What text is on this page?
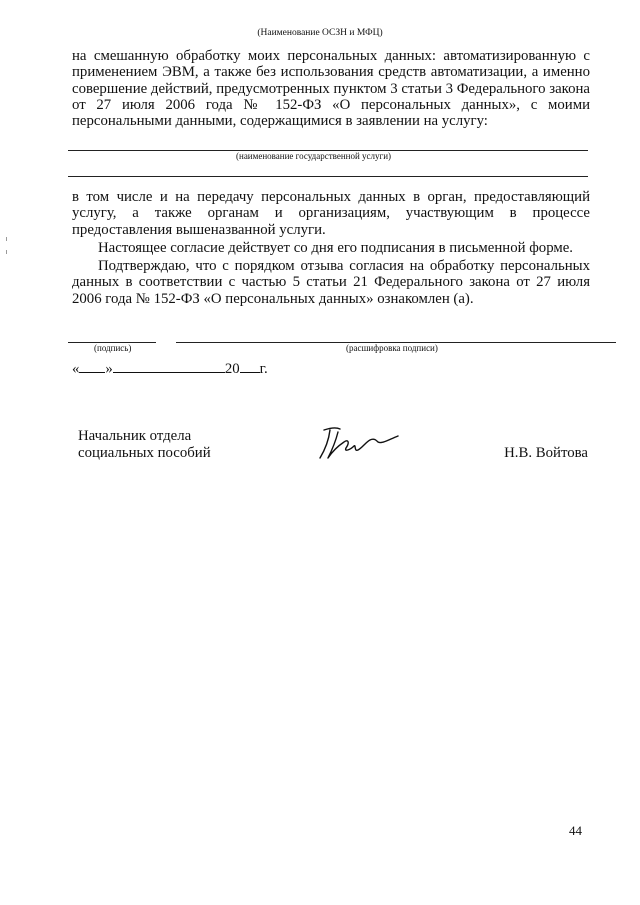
(Наименование ОСЗН и МФЦ)

на смешанную обработку моих персональных данных: автоматизированную с применением ЭВМ, а также без использования средств автоматизации, а именно совершение действий, предусмотренных пунктом 3 статьи 3 Федерального закона от 27 июля 2006 года № 152-ФЗ «О персональных данных», с моими персональными данными, содержащимися в заявлении на услугу:

(наименование государственной услуги)

в том числе и на передачу персональных данных в орган, предоставляющий услугу, а также органам и организациям, участвующим в процессе предоставления вышеназванной услуги.

Настоящее согласие действует со дня его подписания в письменной форме.

Подтверждаю, что с порядком отзыва согласия на обработку персональных данных в соответствии с частью 5 статьи 21 Федерального закона от 27 июля 2006 года № 152-ФЗ «О персональных данных» ознакомлен (а).

(подпись)	(расшифровка подписи)

« »	20 г.

Начальник отдела
социальных пособий	Н.В. Войтова

44
